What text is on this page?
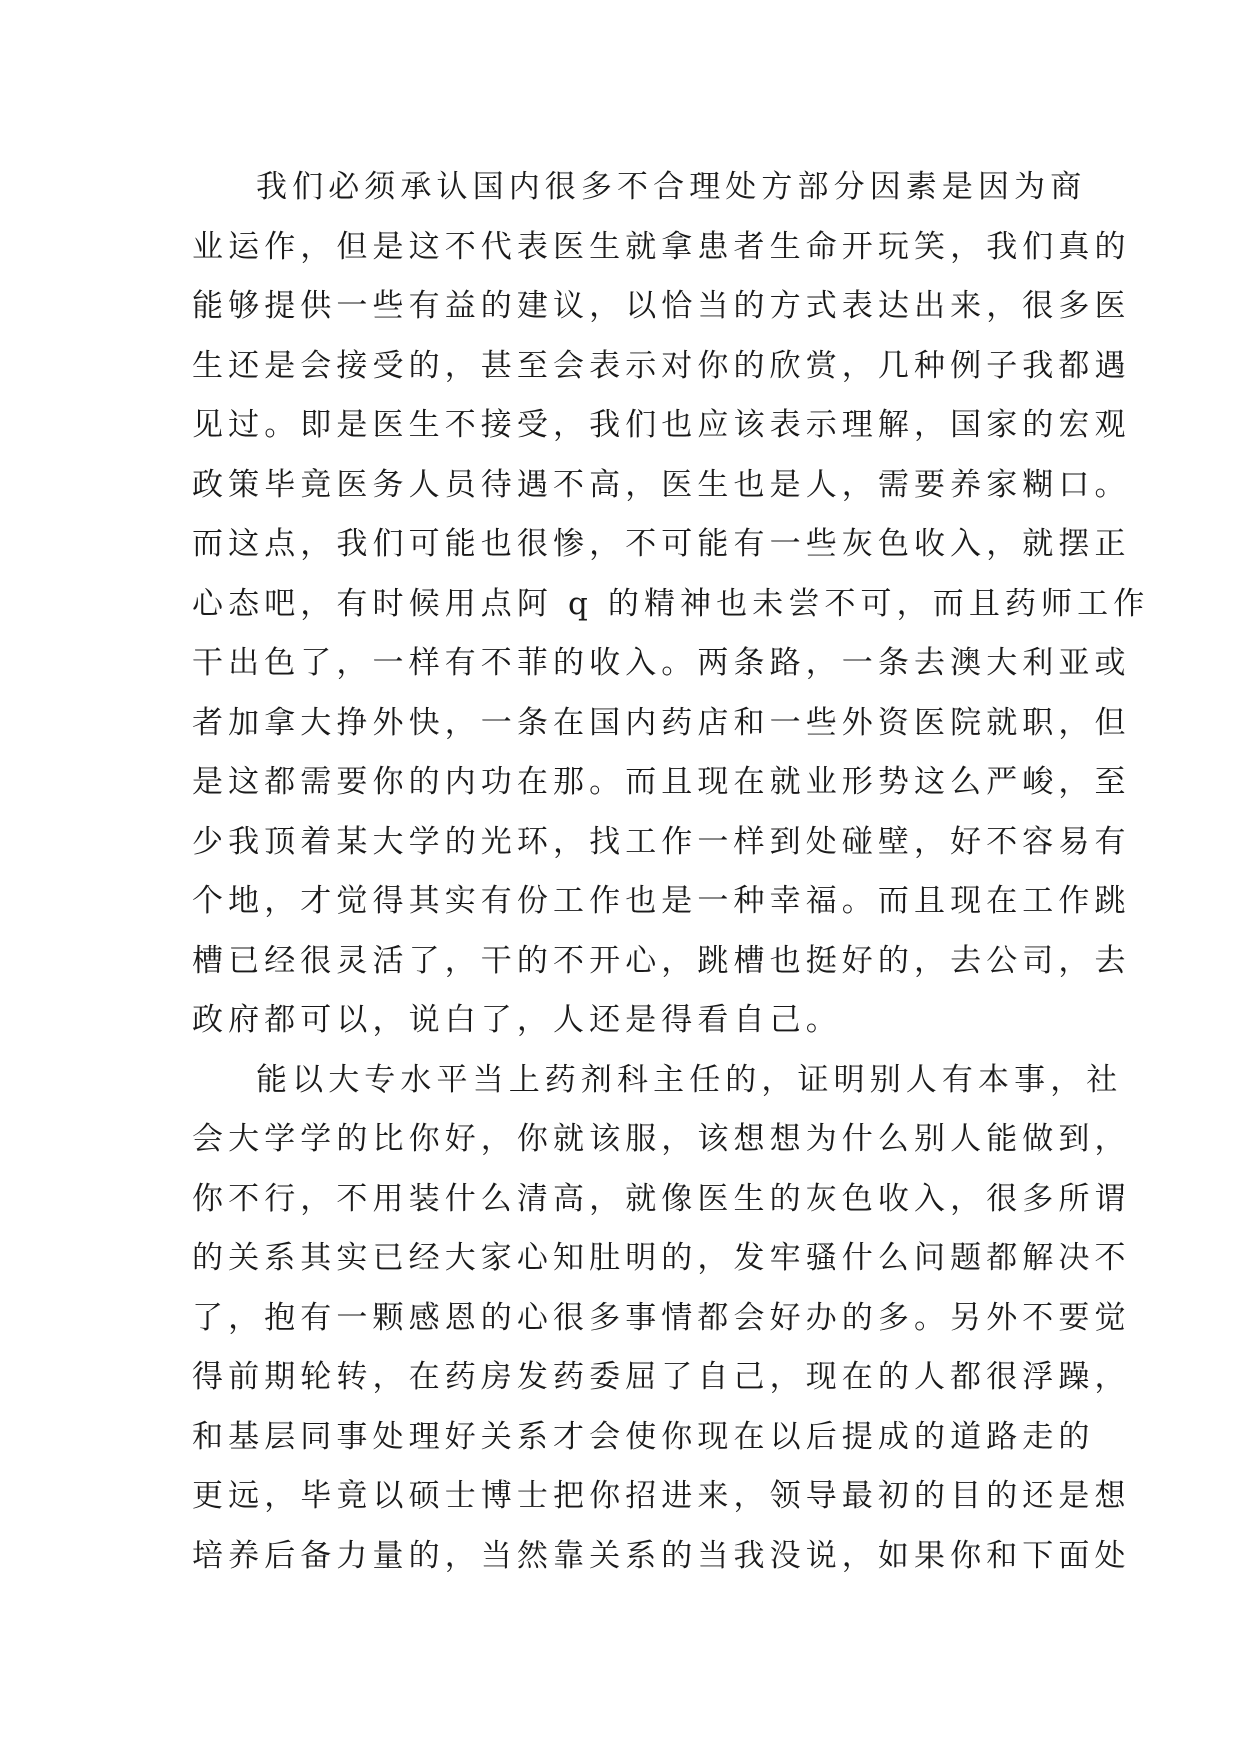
我们必须承认国内很多不合理处方部分因素是因为商
业运作，但是这不代表医生就拿患者生命开玩笑，我们真的
能够提供一些有益的建议，以恰当的方式表达出来，很多医
生还是会接受的，甚至会表示对你的欣赏，几种例子我都遇
见过。即是医生不接受，我们也应该表示理解，国家的宏观
政策毕竟医务人员待遇不高，医生也是人，需要养家糊口。
而这点，我们可能也很惨，不可能有一些灰色收入，就摆正
心态吧，有时候用点阿 q 的精神也未尝不可，而且药师工作
干出色了，一样有不菲的收入。两条路，一条去澳大利亚或
者加拿大挣外快，一条在国内药店和一些外资医院就职，但
是这都需要你的内功在那。而且现在就业形势这么严峻，至
少我顶着某大学的光环，找工作一样到处碰壁，好不容易有
个地，才觉得其实有份工作也是一种幸福。而且现在工作跳
槽已经很灵活了，干的不开心，跳槽也挺好的，去公司，去
政府都可以，说白了，人还是得看自己。
能以大专水平当上药剂科主任的，证明别人有本事，社
会大学学的比你好，你就该服，该想想为什么别人能做到，
你不行，不用装什么清高，就像医生的灰色收入，很多所谓
的关系其实已经大家心知肚明的，发牢骚什么问题都解决不
了，抱有一颗感恩的心很多事情都会好办的多。另外不要觉
得前期轮转，在药房发药委屈了自己，现在的人都很浮躁，
和基层同事处理好关系才会使你现在以后提成的道路走的
更远，毕竟以硕士博士把你招进来，领导最初的目的还是想
培养后备力量的，当然靠关系的当我没说，如果你和下面处
